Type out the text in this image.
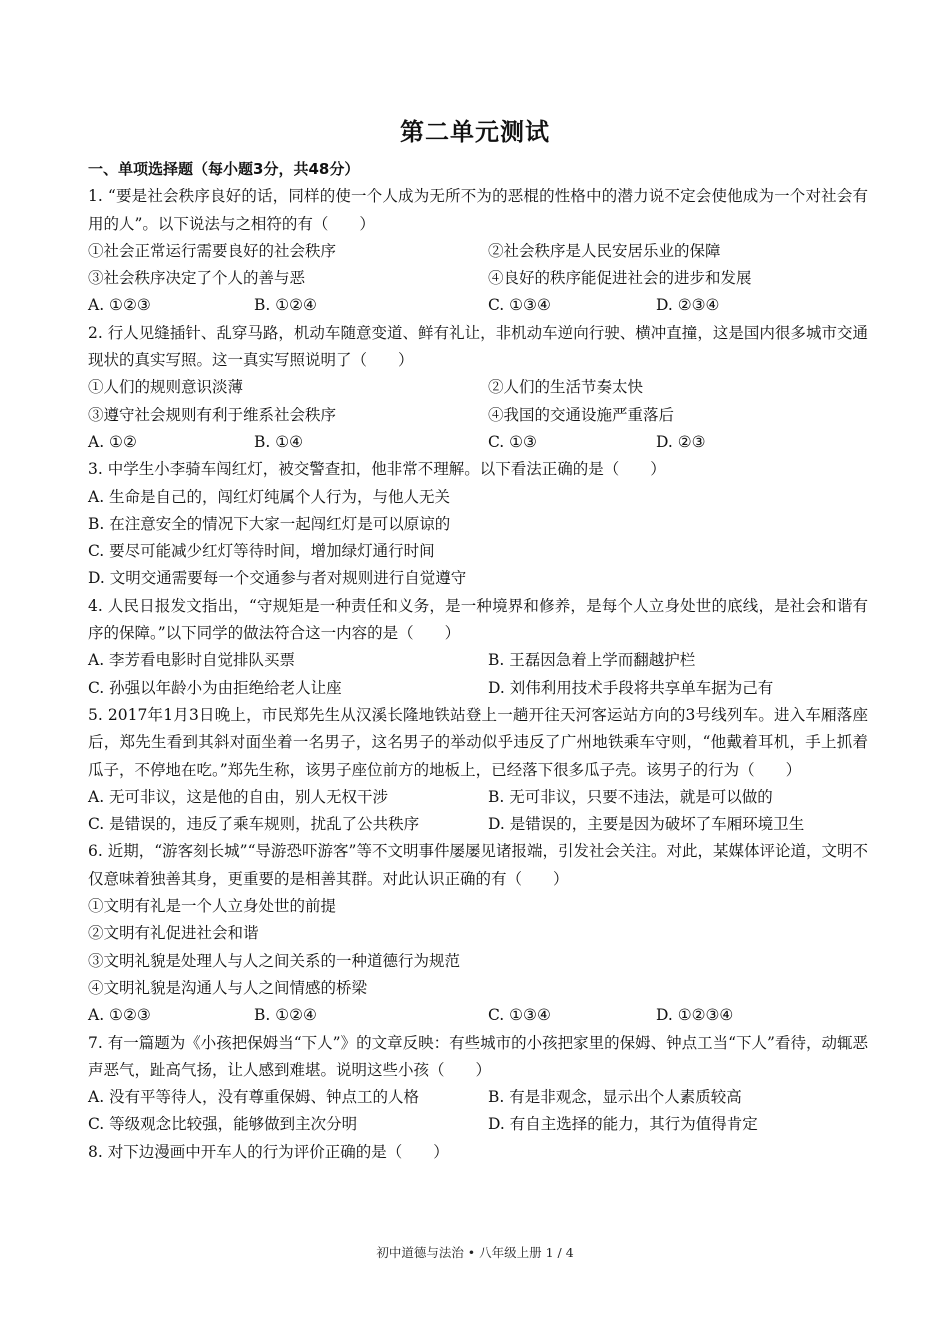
第二单元测试
一、单项选择题（每小题3分，共48分）
1. “要是社会秩序良好的话，同样的使一个人成为无所不为的恶棍的性格中的潜力说不定会使他成为一个对社会有用的人”。以下说法与之相符的有（　　）
①社会正常运行需要良好的社会秩序	②社会秩序是人民安居乐业的保障
③社会秩序决定了个人的善与恶	④良好的秩序能促进社会的进步和发展
A. ①②③	B. ①②④	C. ①③④	D. ②③④
2. 行人见缝插针、乱穿马路，机动车随意变道、鲜有礼让，非机动车逆向行驶、横冲直撞，这是国内很多城市交通现状的真实写照。这一真实写照说明了（　　）
①人们的规则意识淡薄	②人们的生活节奏太快
③遵守社会规则有利于维系社会秩序	④我国的交通设施严重落后
A. ①②	B. ①④	C. ①③	D. ②③
3. 中学生小李骑车闯红灯，被交警查扣，他非常不理解。以下看法正确的是（　　）
A. 生命是自己的，闯红灯纯属个人行为，与他人无关
B. 在注意安全的情况下大家一起闯红灯是可以原谅的
C. 要尽可能减少红灯等待时间，增加绿灯通行时间
D. 文明交通需要每一个交通参与者对规则进行自觉遵守
4. 人民日报发文指出，“守规矩是一种责任和义务，是一种境界和修养，是每个人立身处世的底线，是社会和谐有序的保障。”以下同学的做法符合这一内容的是（　　）
A. 李芳看电影时自觉排队买票	B. 王磊因急着上学而翻越护栏
C. 孙强以年龄小为由拒绝给老人让座	D. 刘伟利用技术手段将共享单车据为己有
5. 2017年1月3日晚上，市民郑先生从汉溪长隆地铁站登上一趟开往天河客运站方向的3号线列车。进入车厢落座后，郑先生看到其斜对面坐着一名男子，这名男子的举动似乎违反了广州地铁乘车守则，“他戴着耳机，手上抓着瓜子，不停地在吃。”郑先生称，该男子座位前方的地板上，已经落下很多瓜子壳。该男子的行为（　　）
A. 无可非议，这是他的自由，别人无权干涉	B. 无可非议，只要不违法，就是可以做的
C. 是错误的，违反了乘车规则，扰乱了公共秩序	D. 是错误的，主要是因为破坏了车厢环境卫生
6. 近期，“游客刻长城”“导游恐吓游客”等不文明事件屡屡见诸报端，引发社会关注。对此，某媒体评论道，文明不仅意味着独善其身，更重要的是相善其群。对此认识正确的有（　　）
①文明有礼是一个人立身处世的前提
②文明有礼促进社会和谐
③文明礼貌是处理人与人之间关系的一种道德行为规范
④文明礼貌是沟通人与人之间情感的桥梁
A. ①②③	B. ①②④	C. ①③④	D. ①②③④
7. 有一篇题为《小孩把保姆当“下人”》的文章反映：有些城市的小孩把家里的保姆、钟点工当“下人”看待，动辄恶声恶气，趾高气扬，让人感到难堪。说明这些小孩（　　）
A. 没有平等待人，没有尊重保姆、钟点工的人格	B. 有是非观念，显示出个人素质较高
C. 等级观念比较强，能够做到主次分明	D. 有自主选择的能力，其行为值得肯定
8. 对下边漫画中开车人的行为评价正确的是（　　）
初中道德与法治 • 八年级上册 1 / 4
